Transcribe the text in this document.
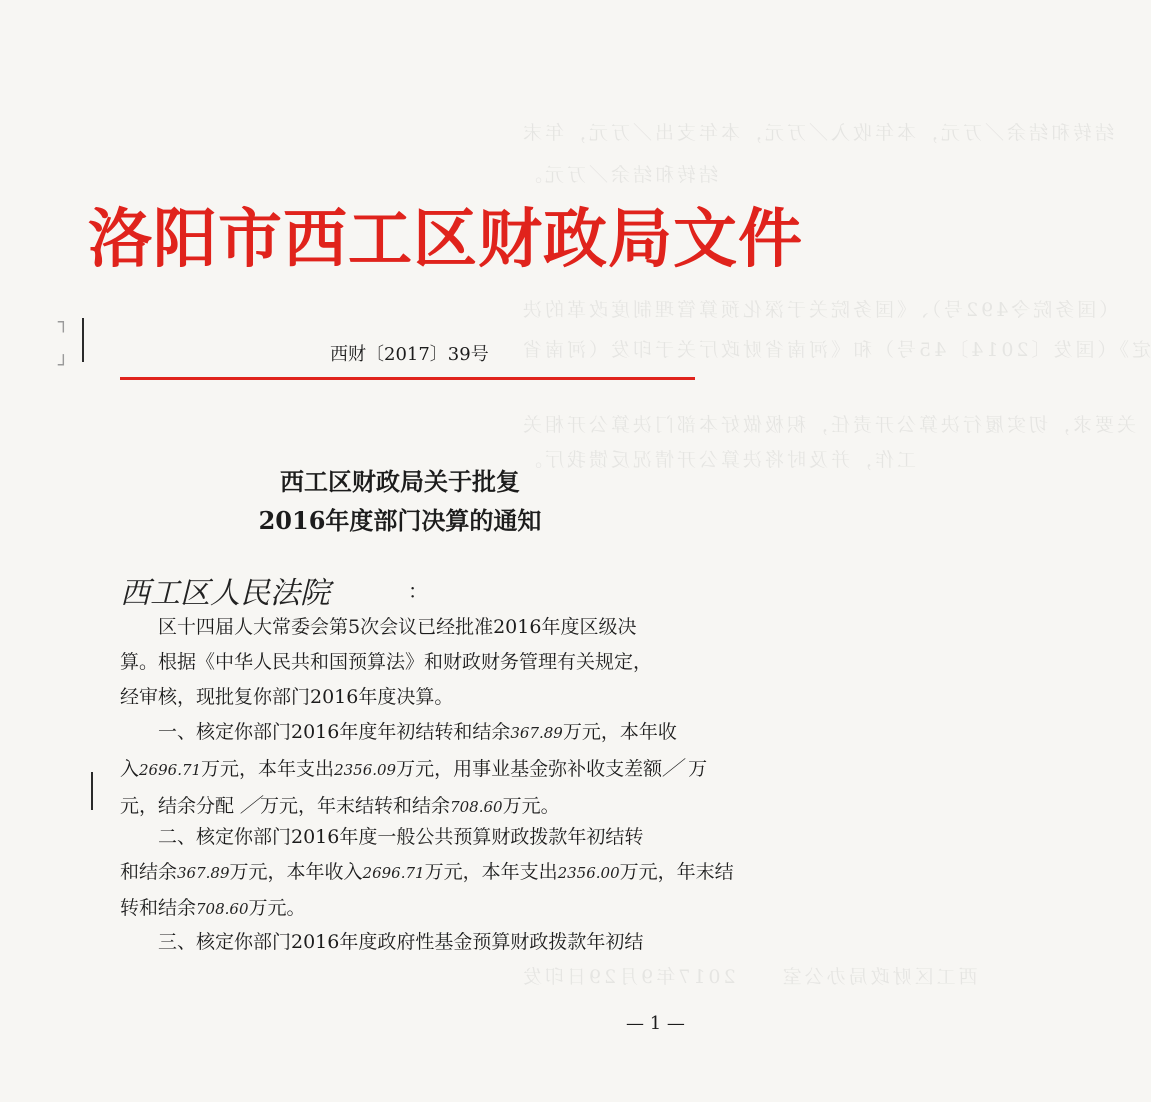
结转和结余／万元，本年收入／万元，本年支出／万元，年末
结转和结余／万元。
（国务院令492号）、《国务院关于深化预算管理制度改革的决
定》（国发〔2014〕45号）和《河南省财政厅关于印发（河南省
关要求，切实履行决算公开责任，积极做好本部门决算公开相关
工作，并及时将决算公开情况反馈我厅。
西工区财政局办公室　　2017年9月29日印发
┐
┘
洛阳市西工区财政局文件
西财〔2017〕39号
西工区财政局关于批复
2016年度部门决算的通知
西工区人民法院	：
区十四届人大常委会第5次会议已经批准2016年度区级决
算。根据《中华人民共和国预算法》和财政财务管理有关规定，
经审核，现批复你部门2016年度决算。
一、核定你部门2016年度年初结转和结余367.89万元，本年收
入2696.71万元，本年支出2356.09万元，用事业基金弥补收支差额／ 万
元，结余分配 ／万元，年末结转和结余708.60万元。
二、核定你部门2016年度一般公共预算财政拨款年初结转
和结余367.89万元，本年收入2696.71万元，本年支出2356.00万元，年末结
转和结余708.60万元。
三、核定你部门2016年度政府性基金预算财政拨款年初结
— 1 —
